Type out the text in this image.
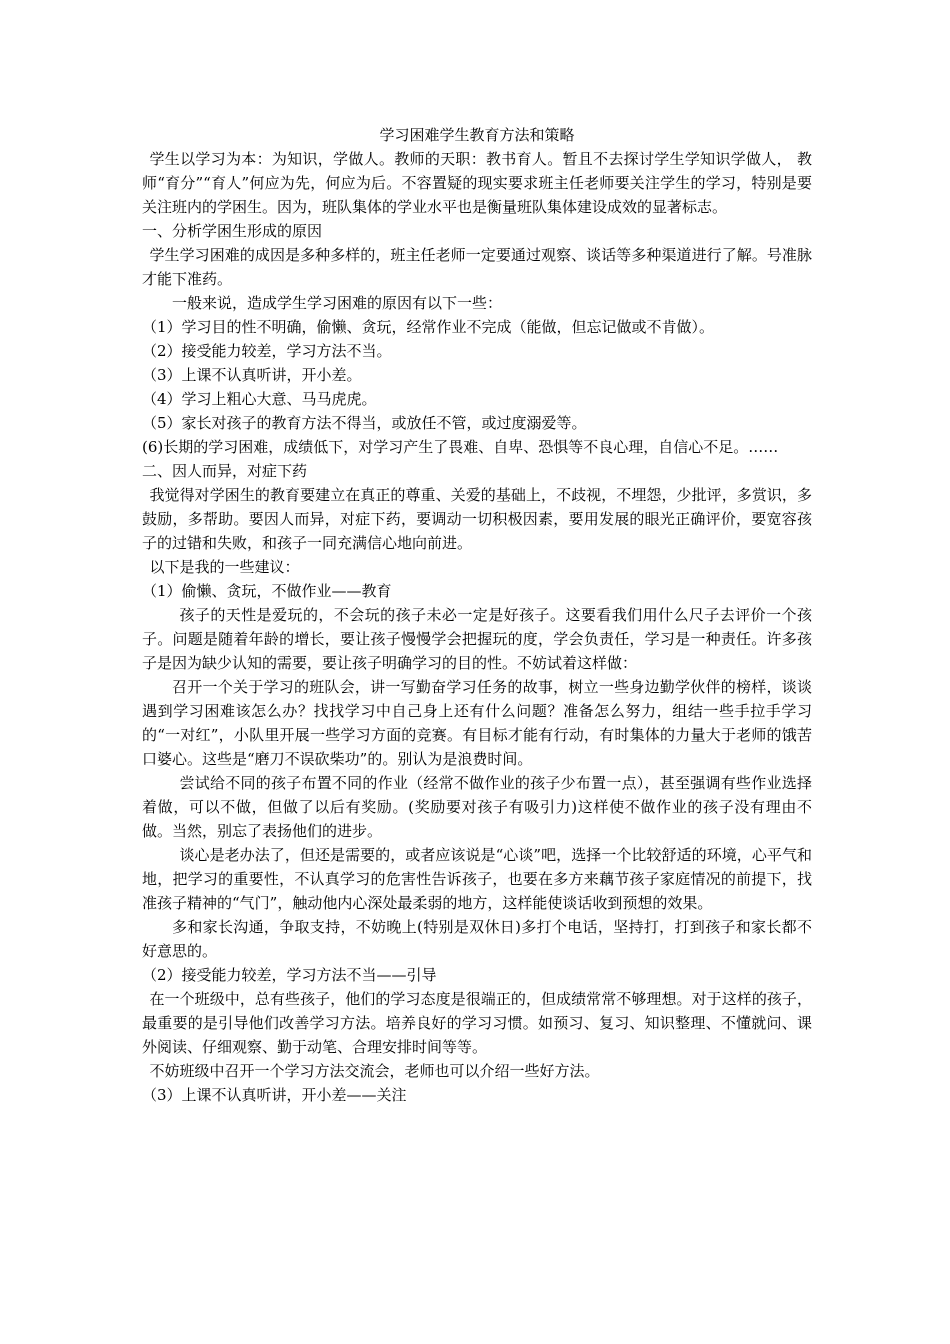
学习困难学生教育方法和策略

学生以学习为本：为知识，学做人。教师的天职：教书育人。暂且不去探讨学生学知识学做人， 教师“育分”“育人”何应为先，何应为后。不容置疑的现实要求班主任老师要关注学生的学习，特别是要关注班内的学困生。因为，班队集体的学业水平也是衡量班队集体建设成效的显著标志。

一、分析学困生形成的原因

学生学习困难的成因是多种多样的，班主任老师一定要通过观察、谈话等多种渠道进行了解。号准脉才能下准药。

一般来说，造成学生学习困难的原因有以下一些：

（1）学习目的性不明确，偷懒、贪玩，经常作业不完成（能做，但忘记做或不肯做）。

（2）接受能力较差，学习方法不当。

（3）上课不认真听讲，开小差。

（4）学习上粗心大意、马马虎虎。

（5）家长对孩子的教育方法不得当，或放任不管，或过度溺爱等。

(6)长期的学习困难，成绩低下，对学习产生了畏难、自卑、恐惧等不良心理，自信心不足。……

二、因人而异，对症下药

我觉得对学困生的教育要建立在真正的尊重、关爱的基础上，不歧视，不埋怨，少批评，多赏识，多鼓励，多帮助。要因人而异，对症下药，要调动一切积极因素，要用发展的眼光正确评价，要宽容孩子的过错和失败，和孩子一同充满信心地向前进。

以下是我的一些建议：

（1）偷懒、贪玩，不做作业——教育

孩子的天性是爱玩的，不会玩的孩子未必一定是好孩子。这要看我们用什么尺子去评价一个孩子。问题是随着年龄的增长，要让孩子慢慢学会把握玩的度，学会负责任，学习是一种责任。许多孩子是因为缺少认知的需要，要让孩子明确学习的目的性。不妨试着这样做：

召开一个关于学习的班队会，讲一写勤奋学习任务的故事，树立一些身边勤学伙伴的榜样，谈谈遇到学习困难该怎么办？找找学习中自己身上还有什么问题？准备怎么努力，组结一些手拉手学习的“一对红”，小队里开展一些学习方面的竞赛。有目标才能有行动，有时集体的力量大于老师的饿苦口婆心。这些是“磨刀不误砍柴功”的。别认为是浪费时间。

尝试给不同的孩子布置不同的作业（经常不做作业的孩子少布置一点），甚至强调有些作业选择着做，可以不做，但做了以后有奖励。(奖励要对孩子有吸引力)这样使不做作业的孩子没有理由不做。当然，别忘了表扬他们的进步。

谈心是老办法了，但还是需要的，或者应该说是“心谈”吧，选择一个比较舒适的环境，心平气和地，把学习的重要性，不认真学习的危害性告诉孩子，也要在多方来藕节孩子家庭情况的前提下，找准孩子精神的“气门”，触动他内心深处最柔弱的地方，这样能使谈话收到预想的效果。

多和家长沟通，争取支持，不妨晚上(特别是双休日)多打个电话，坚持打，打到孩子和家长都不好意思的。

（2）接受能力较差，学习方法不当——引导

在一个班级中，总有些孩子，他们的学习态度是很端正的，但成绩常常不够理想。对于这样的孩子，最重要的是引导他们改善学习方法。培养良好的学习习惯。如预习、复习、知识整理、不懂就问、课外阅读、仔细观察、勤于动笔、合理安排时间等等。

不妨班级中召开一个学习方法交流会，老师也可以介绍一些好方法。

（3）上课不认真听讲，开小差——关注
